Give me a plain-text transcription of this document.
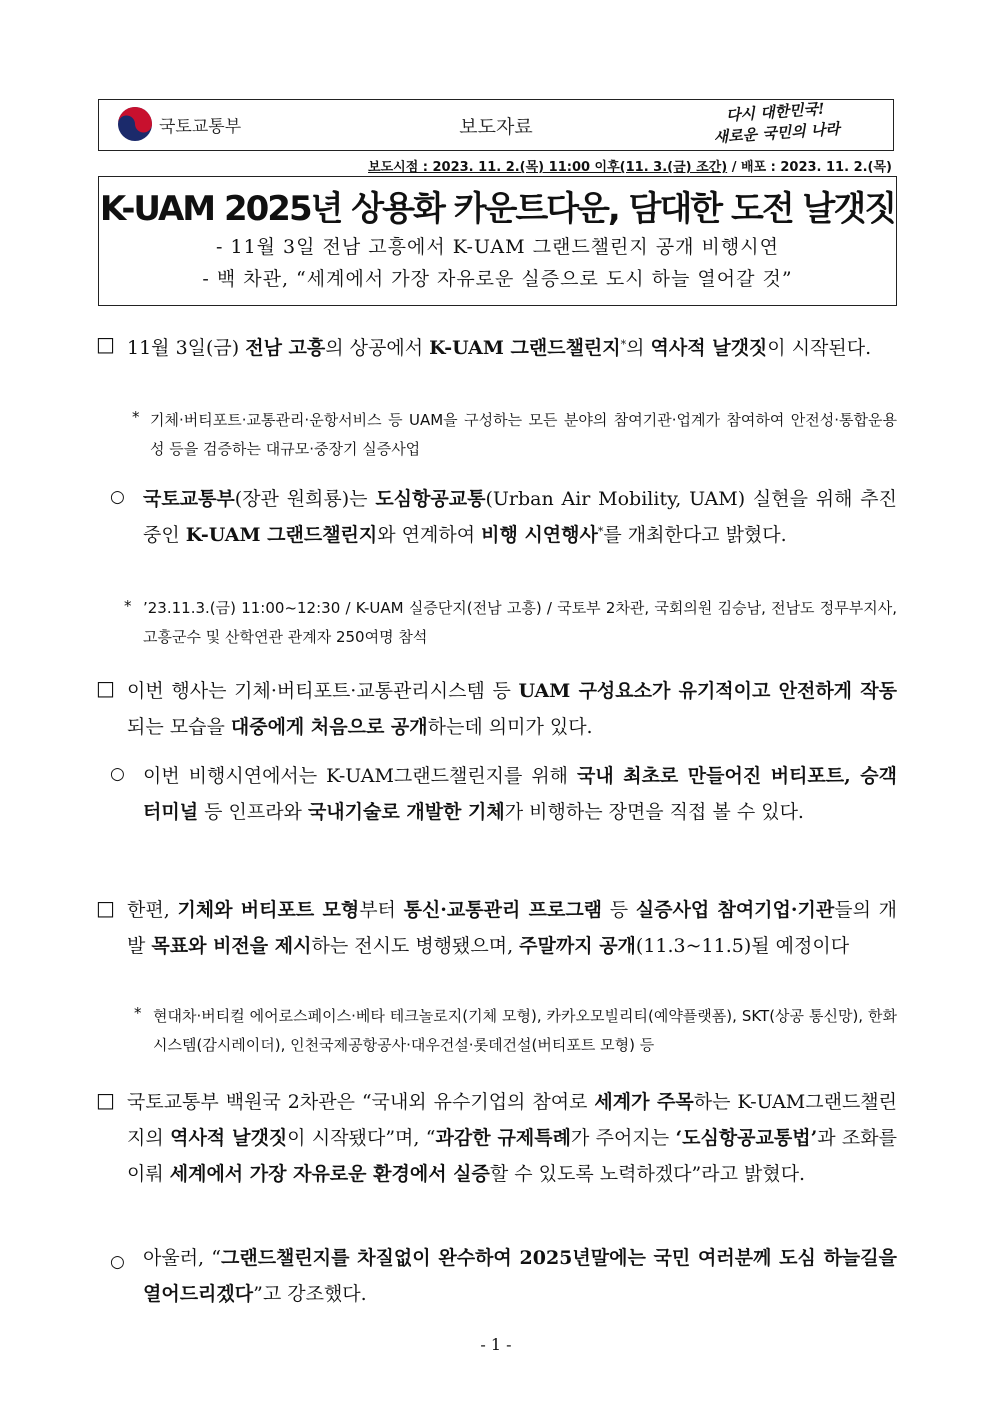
국토교통부	보도자료
다시 대한민국!
새로운 국민의 나라
보도시점 : 2023. 11. 2.(목) 11:00 이후(11. 3.(금) 조간) / 배포 : 2023. 11. 2.(목)
K-UAM 2025년 상용화 카운트다운, 담대한 도전 날갯짓
- 11월 3일 전남 고흥에서 K-UAM 그랜드챌린지 공개 비행시연
- 백 차관, “세계에서 가장 자유로운 실증으로 도시 하늘 열어갈 것”
□ 11월 3일(금) 전남 고흥의 상공에서 K-UAM 그랜드챌린지*의 역사적 날갯짓이 시작된다.
* 기체·버티포트·교통관리·운항서비스 등 UAM을 구성하는 모든 분야의 참여기관·업계가 참여하여 안전성·통합운용성 등을 검증하는 대규모·중장기 실증사업
○ 국토교통부(장관 원희룡)는 도심항공교통(Urban Air Mobility, UAM) 실현을 위해 추진 중인 K-UAM 그랜드챌린지와 연계하여 비행 시연행사*를 개최한다고 밝혔다.
* ’23.11.3.(금) 11:00~12:30 / K-UAM 실증단지(전남 고흥) / 국토부 2차관, 국회의원 김승남, 전남도 정무부지사, 고흥군수 및 산학연관 관계자 250여명 참석
□ 이번 행사는 기체·버티포트·교통관리시스템 등 UAM 구성요소가 유기적이고 안전하게 작동되는 모습을 대중에게 처음으로 공개하는데 의미가 있다.
○ 이번 비행시연에서는 K-UAM그랜드챌린지를 위해 국내 최초로 만들어진 버티포트, 승객 터미널 등 인프라와 국내기술로 개발한 기체가 비행하는 장면을 직접 볼 수 있다.
□ 한편, 기체와 버티포트 모형부터 통신·교통관리 프로그램 등 실증사업 참여기업·기관들의 개발 목표와 비전을 제시하는 전시도 병행됐으며, 주말까지 공개(11.3~11.5)될 예정이다
* 현대차·버티컬 에어로스페이스·베타 테크놀로지(기체 모형), 카카오모빌리티(예약플랫폼), SKT(상공 통신망), 한화시스템(감시레이더), 인천국제공항공사·대우건설·롯데건설(버티포트 모형) 등
□ 국토교통부 백원국 2차관은 “국내외 유수기업의 참여로 세계가 주목하는 K-UAM그랜드챌린지의 역사적 날갯짓이 시작됐다”며, “과감한 규제특례가 주어지는 ‘도심항공교통법’과 조화를 이뤄 세계에서 가장 자유로운 환경에서 실증할 수 있도록 노력하겠다”라고 밝혔다.
○ 아울러, “그랜드챌린지를 차질없이 완수하여 2025년말에는 국민 여러분께 도심 하늘길을 열어드리겠다”고 강조했다.
- 1 -
